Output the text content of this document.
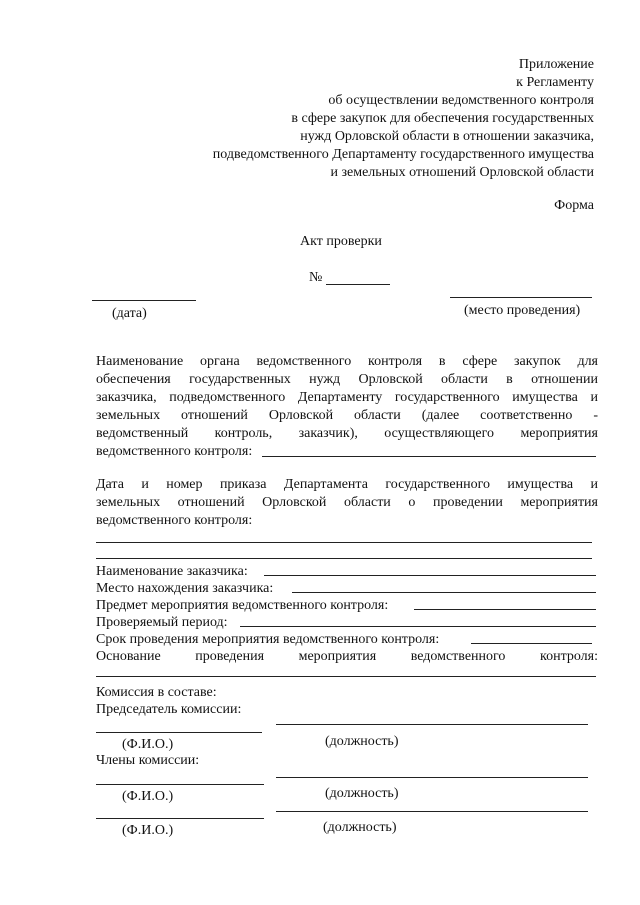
Приложение
к Регламенту
об осуществлении ведомственного контроля
в сфере закупок для обеспечения государственных
нужд Орловской области в отношении заказчика,
подведомственного Департаменту государственного имущества
и земельных отношений Орловской области
Форма
Акт проверки
№
(дата)	(место проведения)
Наименование органа ведомственного контроля в сфере закупок для
обеспечения государственных нужд Орловской области в отношении
заказчика, подведомственного Департаменту государственного имущества и
земельных отношений Орловской области (далее соответственно -
ведомственный контроль, заказчик), осуществляющего мероприятия
ведомственного контроля:
Дата и номер приказа Департамента государственного имущества и
земельных отношений Орловской области о проведении мероприятия
ведомственного контроля:
Наименование заказчика:
Место нахождения заказчика:
Предмет мероприятия ведомственного контроля:
Проверяемый период:
Срок проведения мероприятия ведомственного контроля:
Основание проведения мероприятия ведомственного контроля:
Комиссия в составе:
Председатель комиссии:
(Ф.И.О.)	(должность)
Члены комиссии:
(Ф.И.О.)	(должность)
(Ф.И.О.)	(должность)
